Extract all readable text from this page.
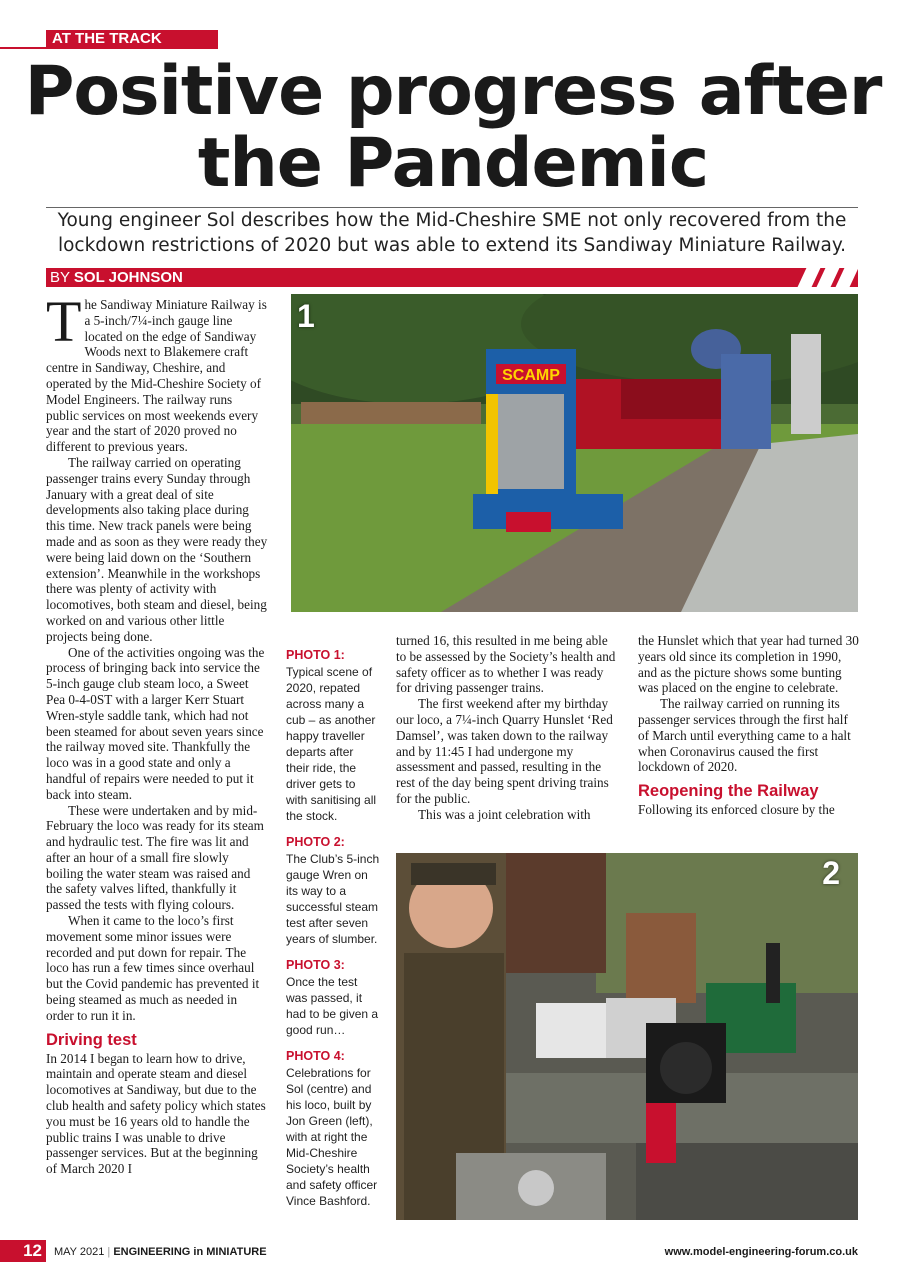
AT THE TRACK
Positive progress after
the Pandemic
Young engineer Sol describes how the Mid-Cheshire SME not only recovered from the lockdown restrictions of 2020 but was able to extend its Sandiway Miniature Railway.
BY SOL JOHNSON

The Sandiway Miniature Railway is a 5-inch/7¼-inch gauge line located on the edge of Sandiway Woods next to Blakemere craft centre in Sandiway, Cheshire, and operated by the Mid-Cheshire Society of Model Engineers. The railway runs public services on most weekends every year and the start of 2020 proved no different to previous years.

The railway carried on operating passenger trains every Sunday through January with a great deal of site developments also taking place during this time. New track panels were being made and as soon as they were ready they were being laid down on the ‘Southern extension’. Meanwhile in the workshops there was plenty of activity with locomotives, both steam and diesel, being worked on and various other little projects being done.

One of the activities ongoing was the process of bringing back into service the 5-inch gauge club steam loco, a Sweet Pea 0-4-0ST with a larger Kerr Stuart Wren-style saddle tank, which had not been steamed for about seven years since the railway moved site. Thankfully the loco was in a good state and only a handful of repairs were needed to put it back into steam.

These were undertaken and by mid-February the loco was ready for its steam and hydraulic test. The fire was lit and after an hour of a small fire slowly boiling the water steam was raised and the safety valves lifted, thankfully it passed the tests with flying colours.

When it came to the loco’s first movement some minor issues were recorded and put down for repair. The loco has run a few times since overhaul but the Covid pandemic has prevented it being steamed as much as needed in order to run it in.

Driving test

In 2014 I began to learn how to drive, maintain and operate steam and diesel locomotives at Sandiway, but due to the club health and safety policy which states you must be 16 years old to handle the public trains I was unable to drive passenger services. But at the beginning of March 2020 I

SCAMP
1
PHOTO 1:
Typical scene of 2020, repated across many a cub – as another happy traveller departs after their ride, the driver gets to with sanitising all the stock.
PHOTO 2:
The Club’s 5-inch gauge Wren on its way to a successful steam test after seven years of slumber.
PHOTO 3:
Once the test was passed, it had to be given a good run…
PHOTO 4:
Celebrations for Sol (centre) and his loco, built by Jon Green (left), with at right the Mid-Cheshire Society’s health and safety officer Vince Bashford.

turned 16, this resulted in me being able to be assessed by the Society’s health and safety officer as to whether I was ready for driving passenger trains.

The first weekend after my birthday our loco, a 7¼-inch Quarry Hunslet ‘Red Damsel’, was taken down to the railway and by 11:45 I had undergone my assessment and passed, resulting in the rest of the day being spent driving trains for the public.

This was a joint celebration with

the Hunslet which that year had turned 30 years old since its completion in 1990, and as the picture shows some bunting was placed on the engine to celebrate.

The railway carried on running its passenger services through the first half of March until everything came to a halt when Coronavirus caused the first lockdown of 2020.

Reopening the Railway

Following its enforced closure by the

2
12	MAY 2021 | ENGINEERING in MINIATURE	www.model-engineering-forum.co.uk
